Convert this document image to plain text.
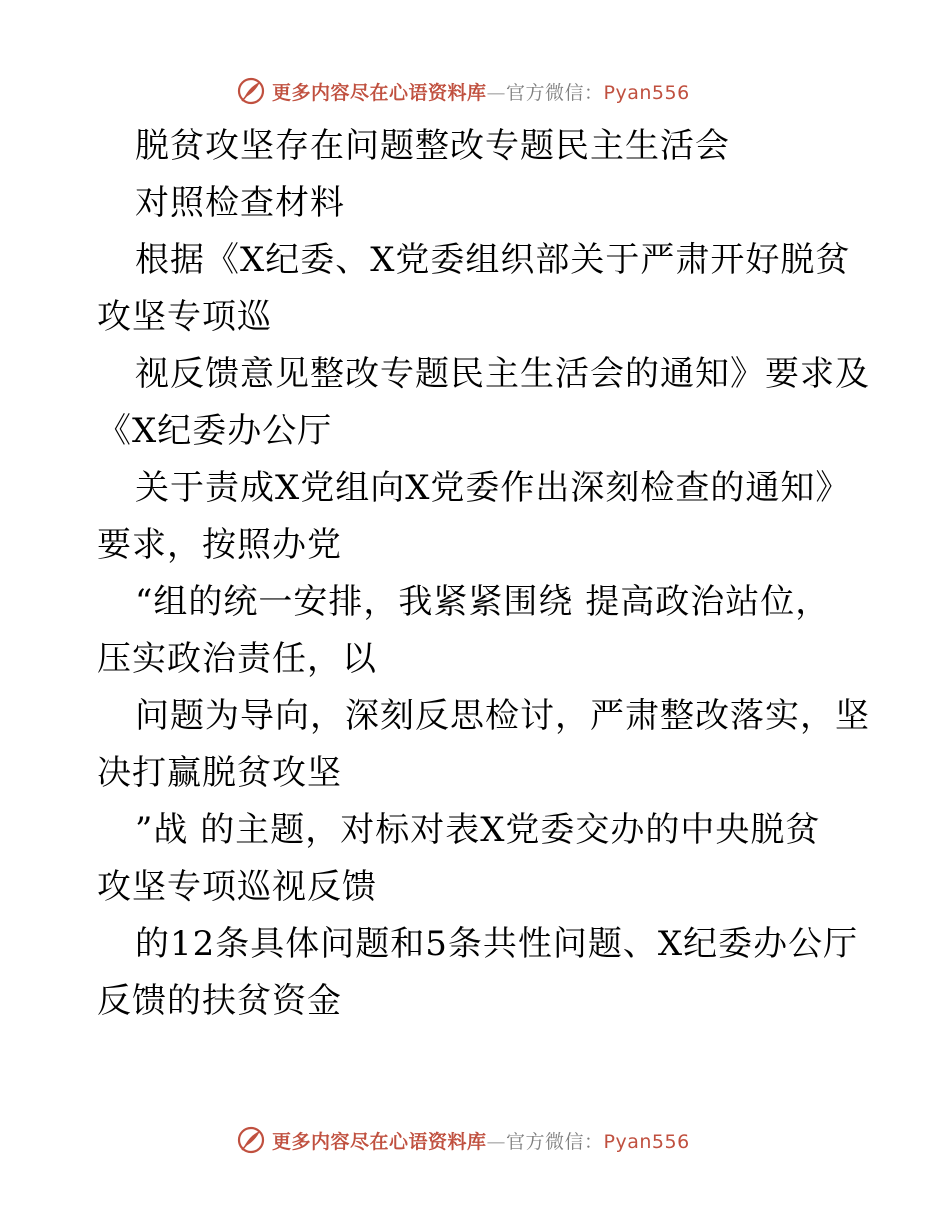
更多内容尽在心语资料库—官方微信：Pyan556
脱贫攻坚存在问题整改专题民主生活会
对照检查材料
根据《X纪委、X党委组织部关于严肃开好脱贫
攻坚专项巡
视反馈意见整改专题民主生活会的通知》要求及
《X纪委办公厅
关于责成X党组向X党委作出深刻检查的通知》
要求，按照办党
“组的统一安排，我紧紧围绕 提高政治站位，
压实政治责任，以
问题为导向，深刻反思检讨，严肃整改落实，坚
决打赢脱贫攻坚
”战 的主题，对标对表X党委交办的中央脱贫
攻坚专项巡视反馈
的12条具体问题和5条共性问题、X纪委办公厅
反馈的扶贫资金
更多内容尽在心语资料库—官方微信：Pyan556
